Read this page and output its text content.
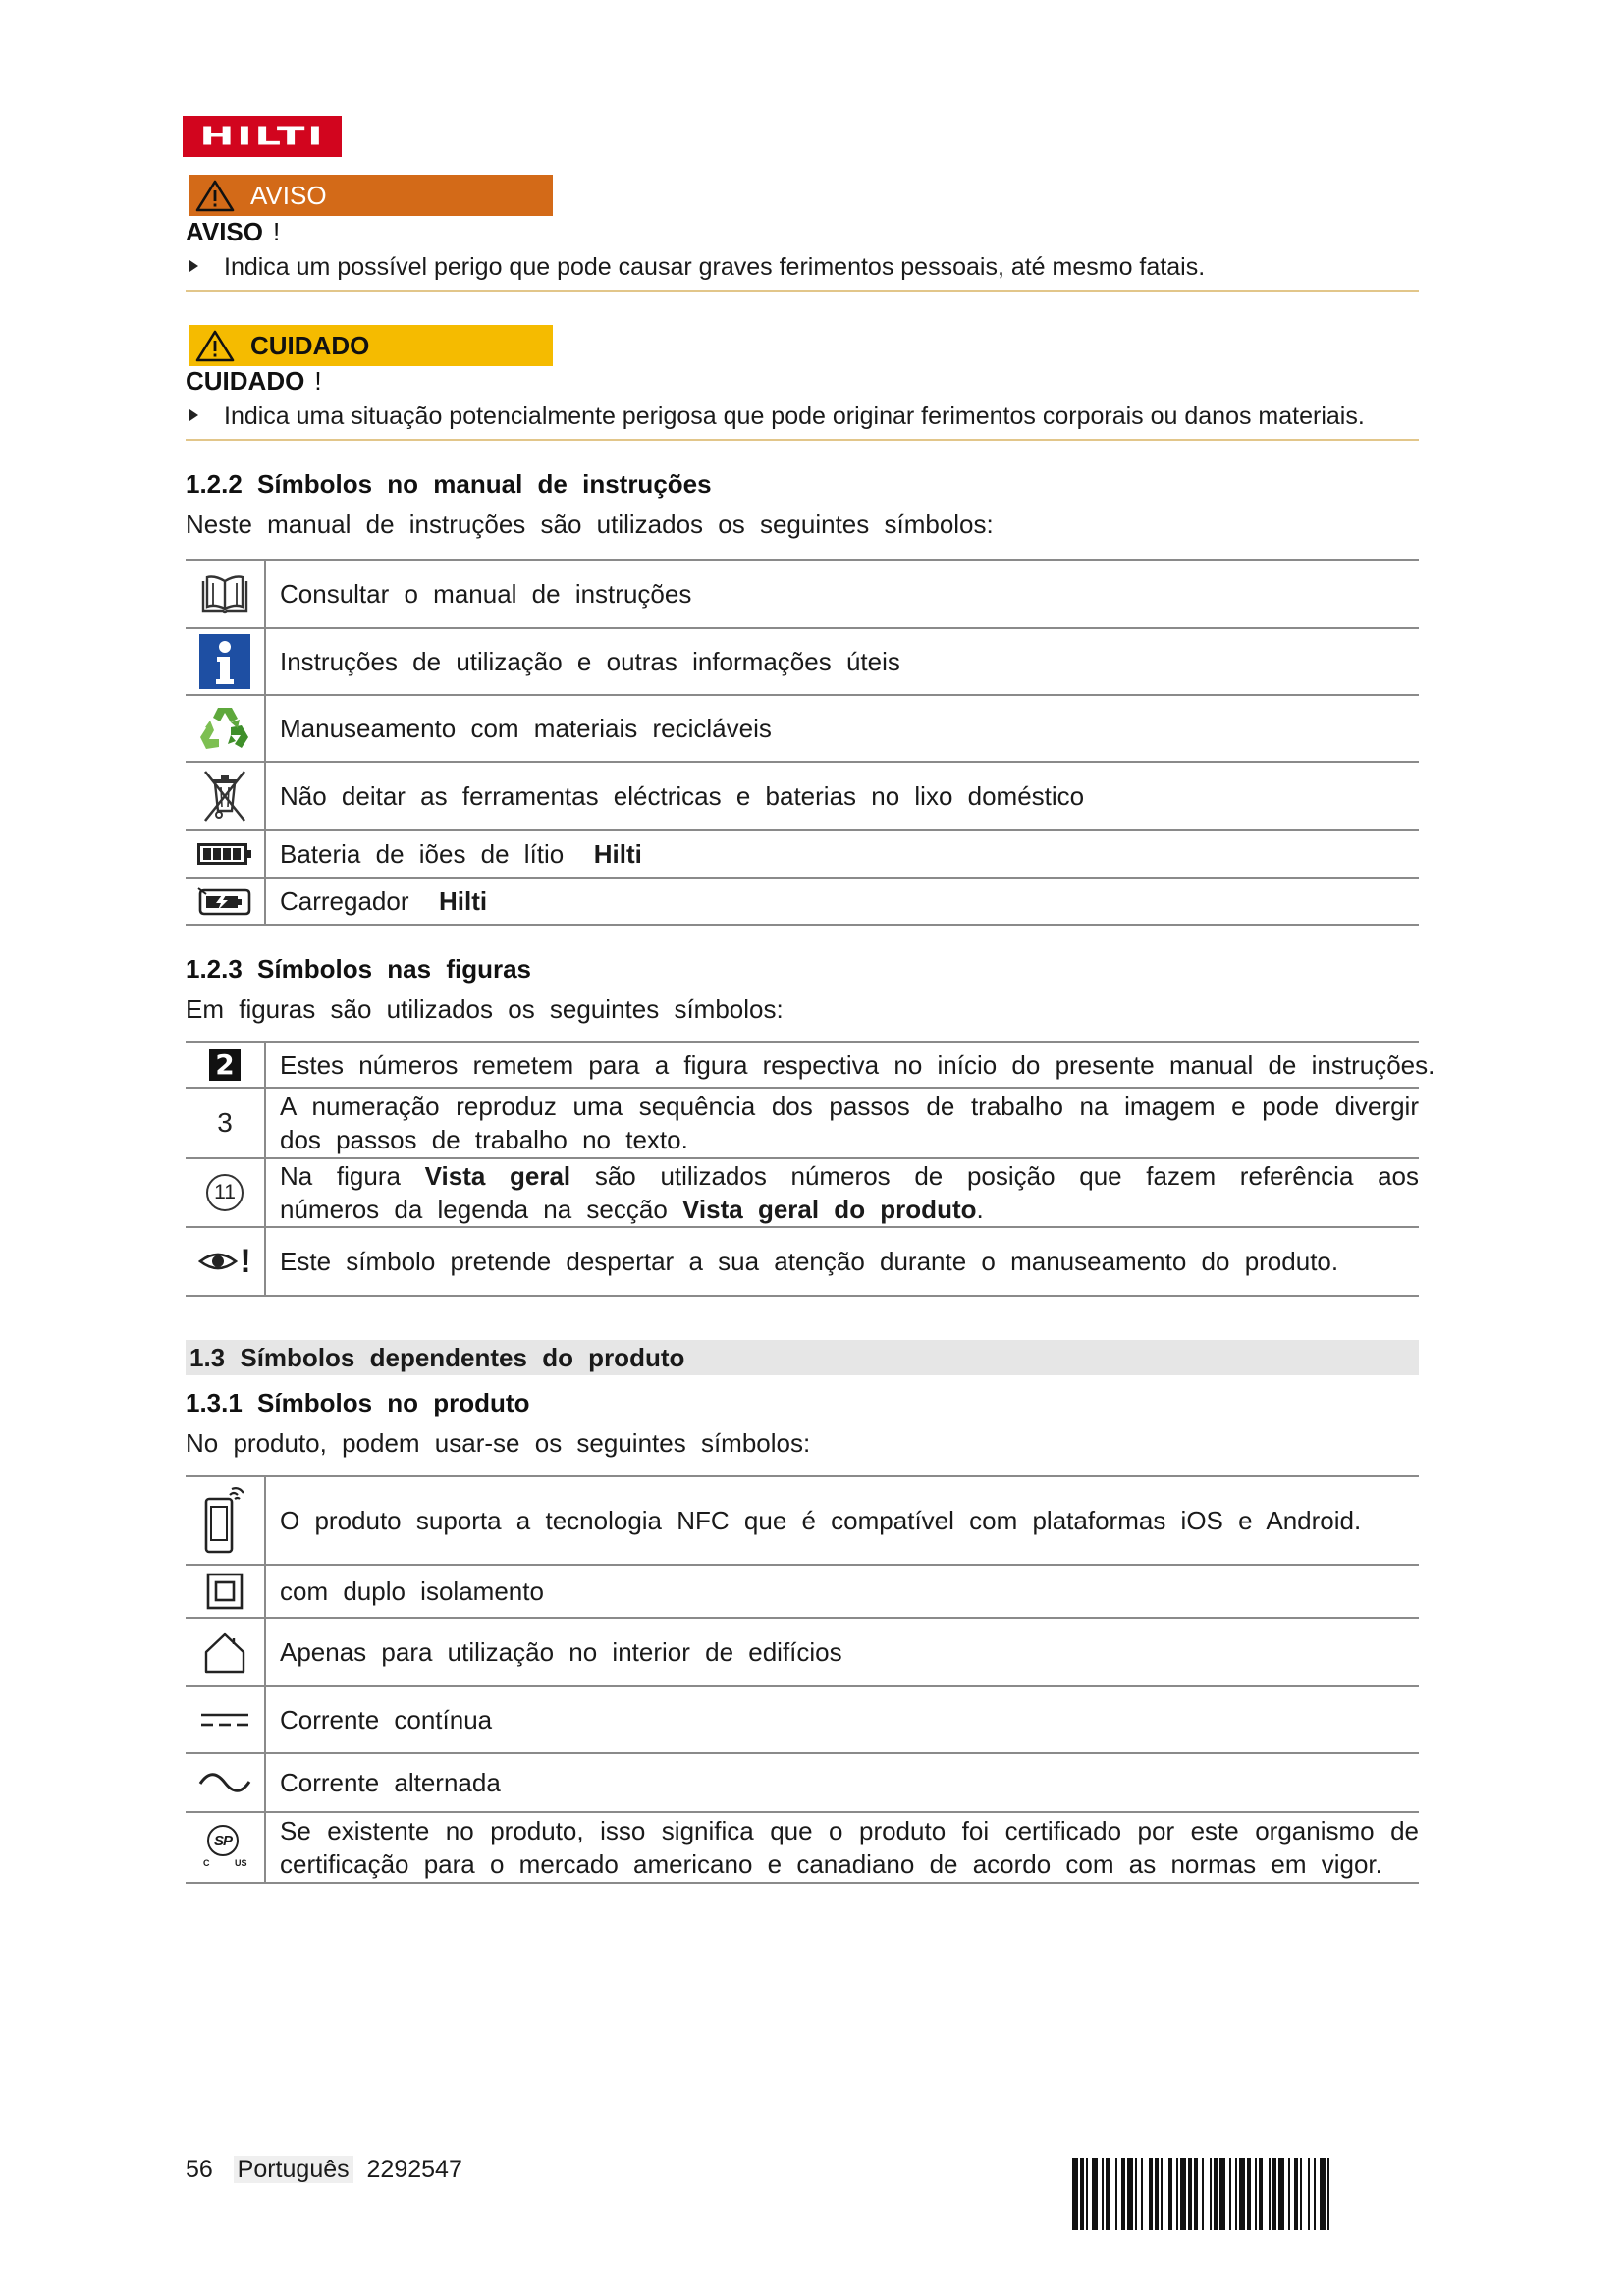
HILTI
AVISO
AVISO !
Indica um possível perigo que pode causar graves ferimentos pessoais, até mesmo fatais.
CUIDADO
CUIDADO !
Indica uma situação potencialmente perigosa que pode originar ferimentos corporais ou danos materiais.
1.2.2 Símbolos no manual de instruções
Neste manual de instruções são utilizados os seguintes símbolos:
Consultar o manual de instruções
Instruções de utilização e outras informações úteis
Manuseamento com materiais recicláveis
Não deitar as ferramentas eléctricas e baterias no lixo doméstico
Bateria de iões de lítio Hilti
Carregador Hilti
1.2.3 Símbolos nas figuras
Em figuras são utilizados os seguintes símbolos:
2 Estes números remetem para a figura respectiva no início do presente manual de instruções.
3
A numeração reproduz uma sequência dos passos de trabalho na imagem e pode divergir dos passos de trabalho no texto.
11
Na figura Vista geral são utilizados números de posição que fazem referência aos números da legenda na secção Vista geral do produto.
! Este símbolo pretende despertar a sua atenção durante o manuseamento do produto.
1.3 Símbolos dependentes do produto
1.3.1 Símbolos no produto
No produto, podem usar-se os seguintes símbolos:
O produto suporta a tecnologia NFC que é compatível com plataformas iOS e Android.
com duplo isolamento
Apenas para utilização no interior de edifícios
Corrente contínua
Corrente alternada
SP
C	US
Se existente no produto, isso significa que o produto foi certificado por este organismo de certificação para o mercado americano e canadiano de acordo com as normas em vigor.
56 Português 2292547
